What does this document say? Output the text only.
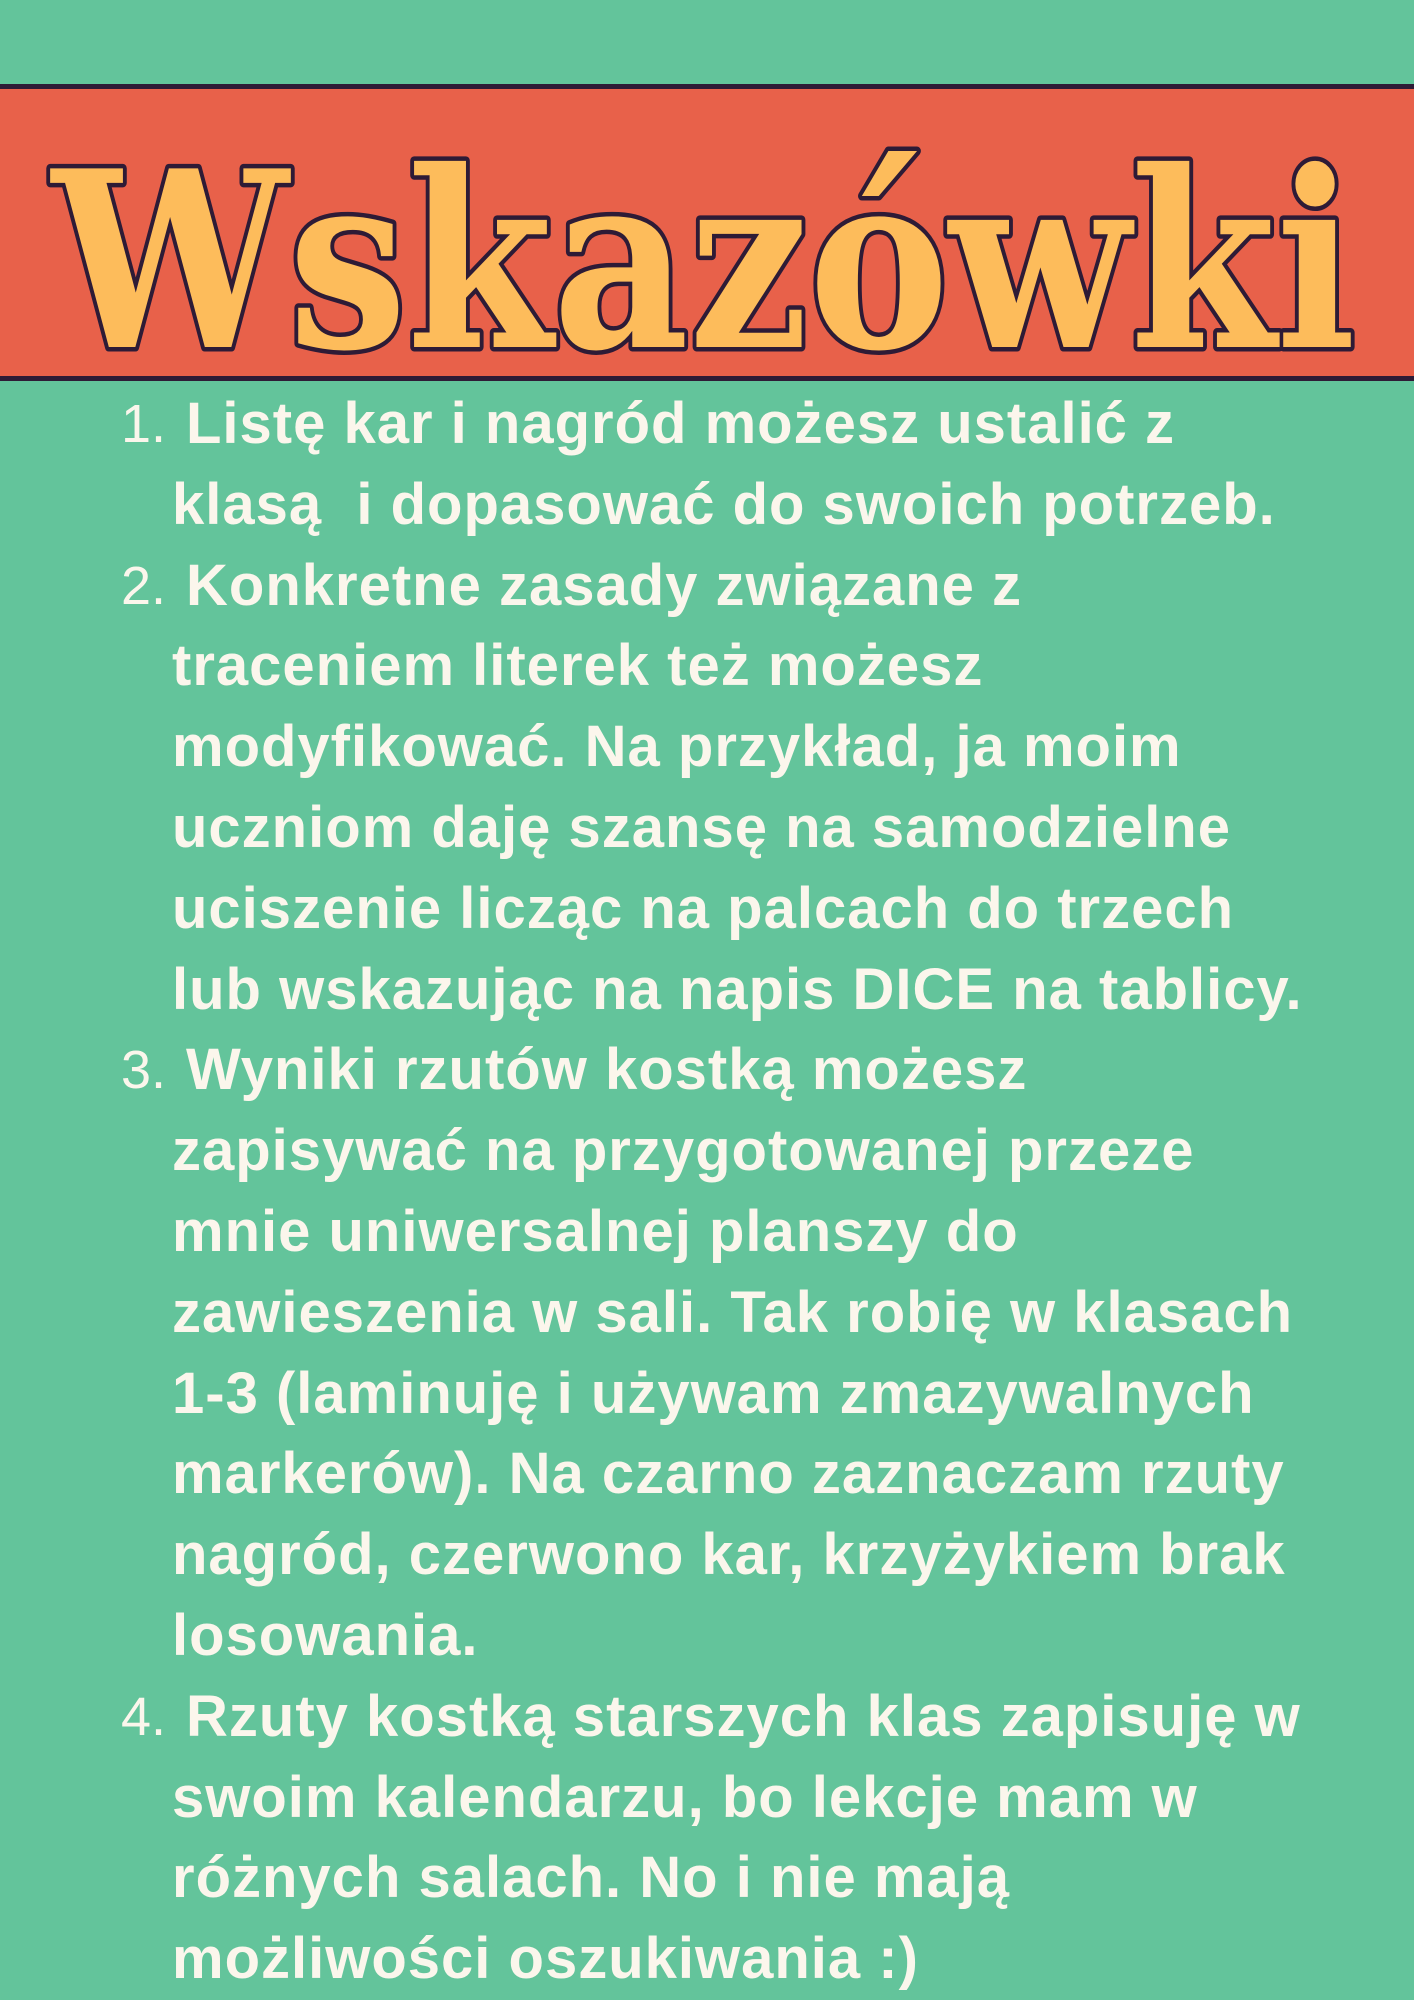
Wskazówki
1. Listę kar i nagród możesz ustalić z
klasą  i dopasować do swoich potrzeb.
2. Konkretne zasady związane z
traceniem literek też możesz
modyfikować. Na przykład, ja moim
uczniom daję szansę na samodzielne
uciszenie licząc na palcach do trzech
lub wskazując na napis DICE na tablicy.
3. Wyniki rzutów kostką możesz
zapisywać na przygotowanej przeze
mnie uniwersalnej planszy do
zawieszenia w sali. Tak robię w klasach
1-3 (laminuję i używam zmazywalnych
markerów). Na czarno zaznaczam rzuty
nagród, czerwono kar, krzyżykiem brak
losowania.
4. Rzuty kostką starszych klas zapisuję w
swoim kalendarzu, bo lekcje mam w
różnych salach. No i nie mają
możliwości oszukiwania :)
